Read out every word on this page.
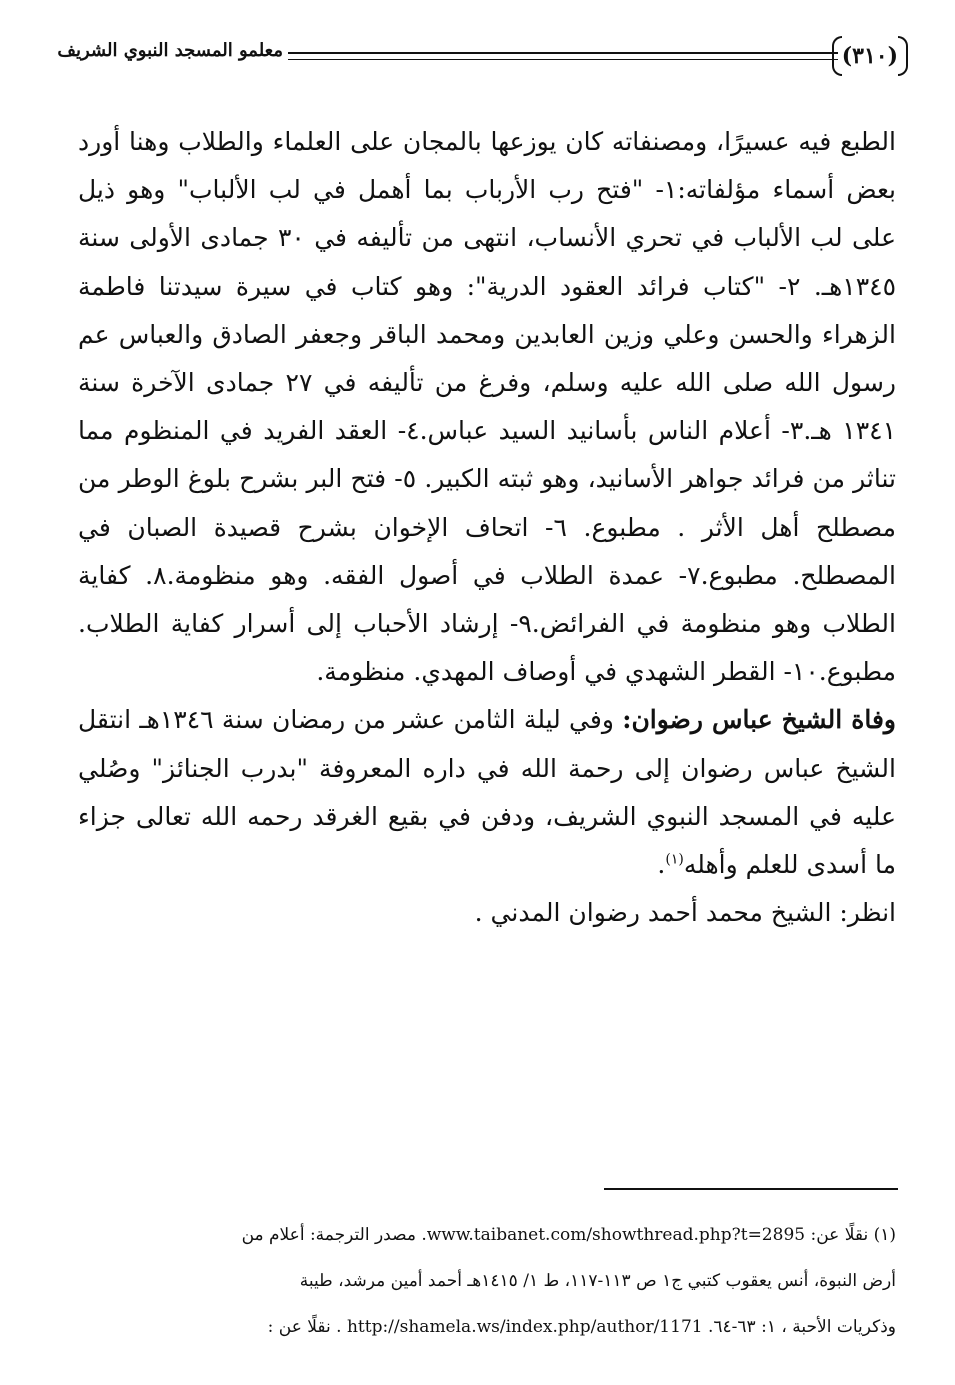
(٣١٠)
معلمو المسجد النبوي الشريف

الطبع فيه عسيرًا، ومصنفاته كان يوزعها بالمجان على العلماء والطلاب وهنا أورد بعض أسماء مؤلفاته:١- "فتح رب الأرباب بما أهمل في لب الألباب" وهو ذيل على لب الألباب في تحري الأنساب، انتهى من تأليفه في ٣٠ جمادى الأولى سنة ١٣٤٥هـ. ٢- "كتاب فرائد العقود الدرية": وهو كتاب في سيرة سيدتنا فاطمة الزهراء والحسن وعلي وزين العابدين ومحمد الباقر وجعفر الصادق والعباس عم رسول الله صلى الله عليه وسلم، وفرغ من تأليفه في ٢٧ جمادى الآخرة سنة ١٣٤١ هـ.٣- أعلام الناس بأسانيد السيد عباس.٤- العقد الفريد في المنظوم مما تناثر من فرائد جواهر الأسانيد، وهو ثبته الكبير. ٥- فتح البر بشرح بلوغ الوطر من مصطلح أهل الأثر . مطبوع. ٦- اتحاف الإخوان بشرح قصيدة الصبان في المصطلح. مطبوع.٧- عمدة الطلاب في أصول الفقه. وهو منظومة.٨. كفاية الطلاب وهو منظومة في الفرائض.٩- إرشاد الأحباب إلى أسرار كفاية الطلاب. مطبوع.١٠- القطر الشهدي في أوصاف المهدي. منظومة.

وفاة الشيخ عباس رضوان: وفي ليلة الثامن عشر من رمضان سنة ١٣٤٦هـ انتقل الشيخ عباس رضوان إلى رحمة الله في داره المعروفة "بدرب الجنائز" وصُلي عليه في المسجد النبوي الشريف، ودفن في بقيع الغرقد رحمه الله تعالى جزاء ما أسدى للعلم وأهله$^{(١)}$.

انظر: الشيخ محمد أحمد رضوان المدني .

(١) نقلًا عن: www.taibanet.com/showthread.php?t=2895. مصدر الترجمة: أعلام من

أرض النبوة، أنس يعقوب كتبي ج١ ص ١١٣-١١٧، ط ١/ ١٤١٥هـ أحمد أمين مرشد، طيبة

وذكريات الأحبة ، ١: ٦٣-٦٤. http://shamela.ws/index.php/author/1171 . نقلًا عن :
